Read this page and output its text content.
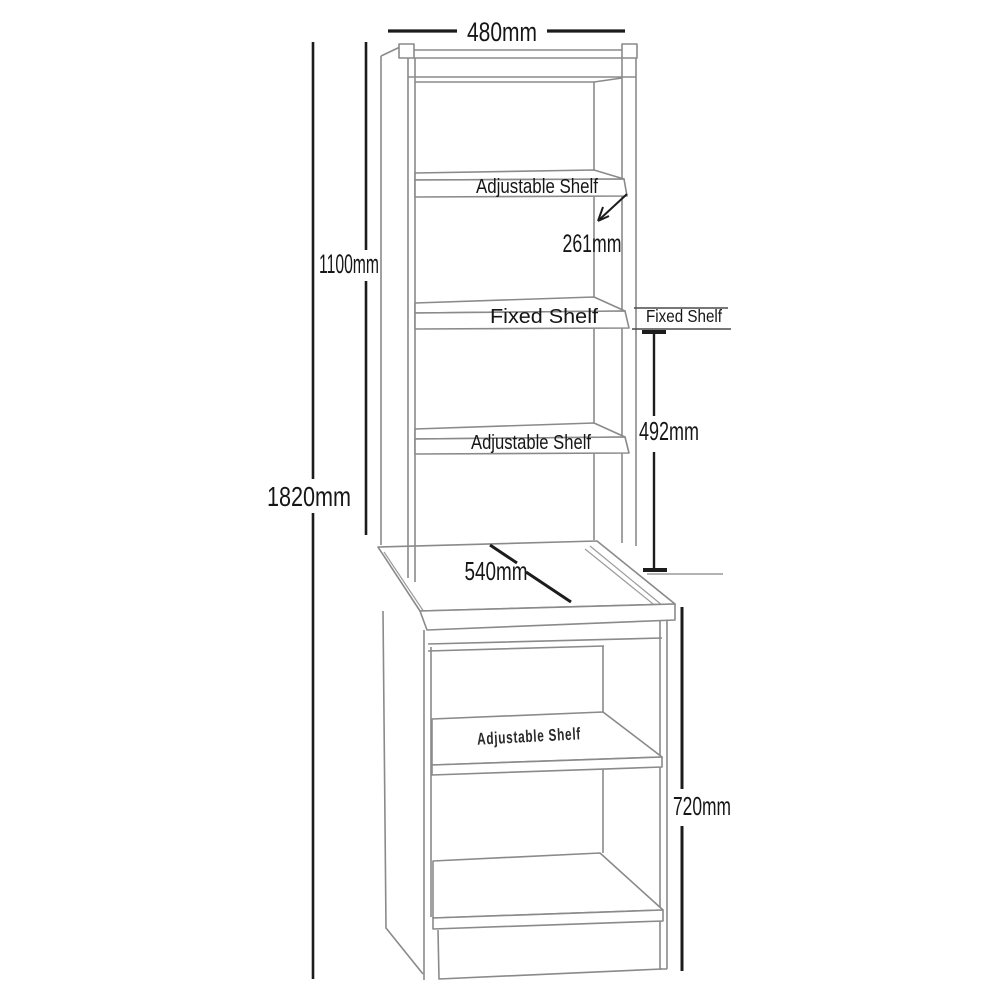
Adjustable Shelf
Fixed Shelf
Adjustable Shelf
Adjustable Shelf
480mm
1100mm
1820mm
261mm
Fixed Shelf
492mm
540mm
720mm
